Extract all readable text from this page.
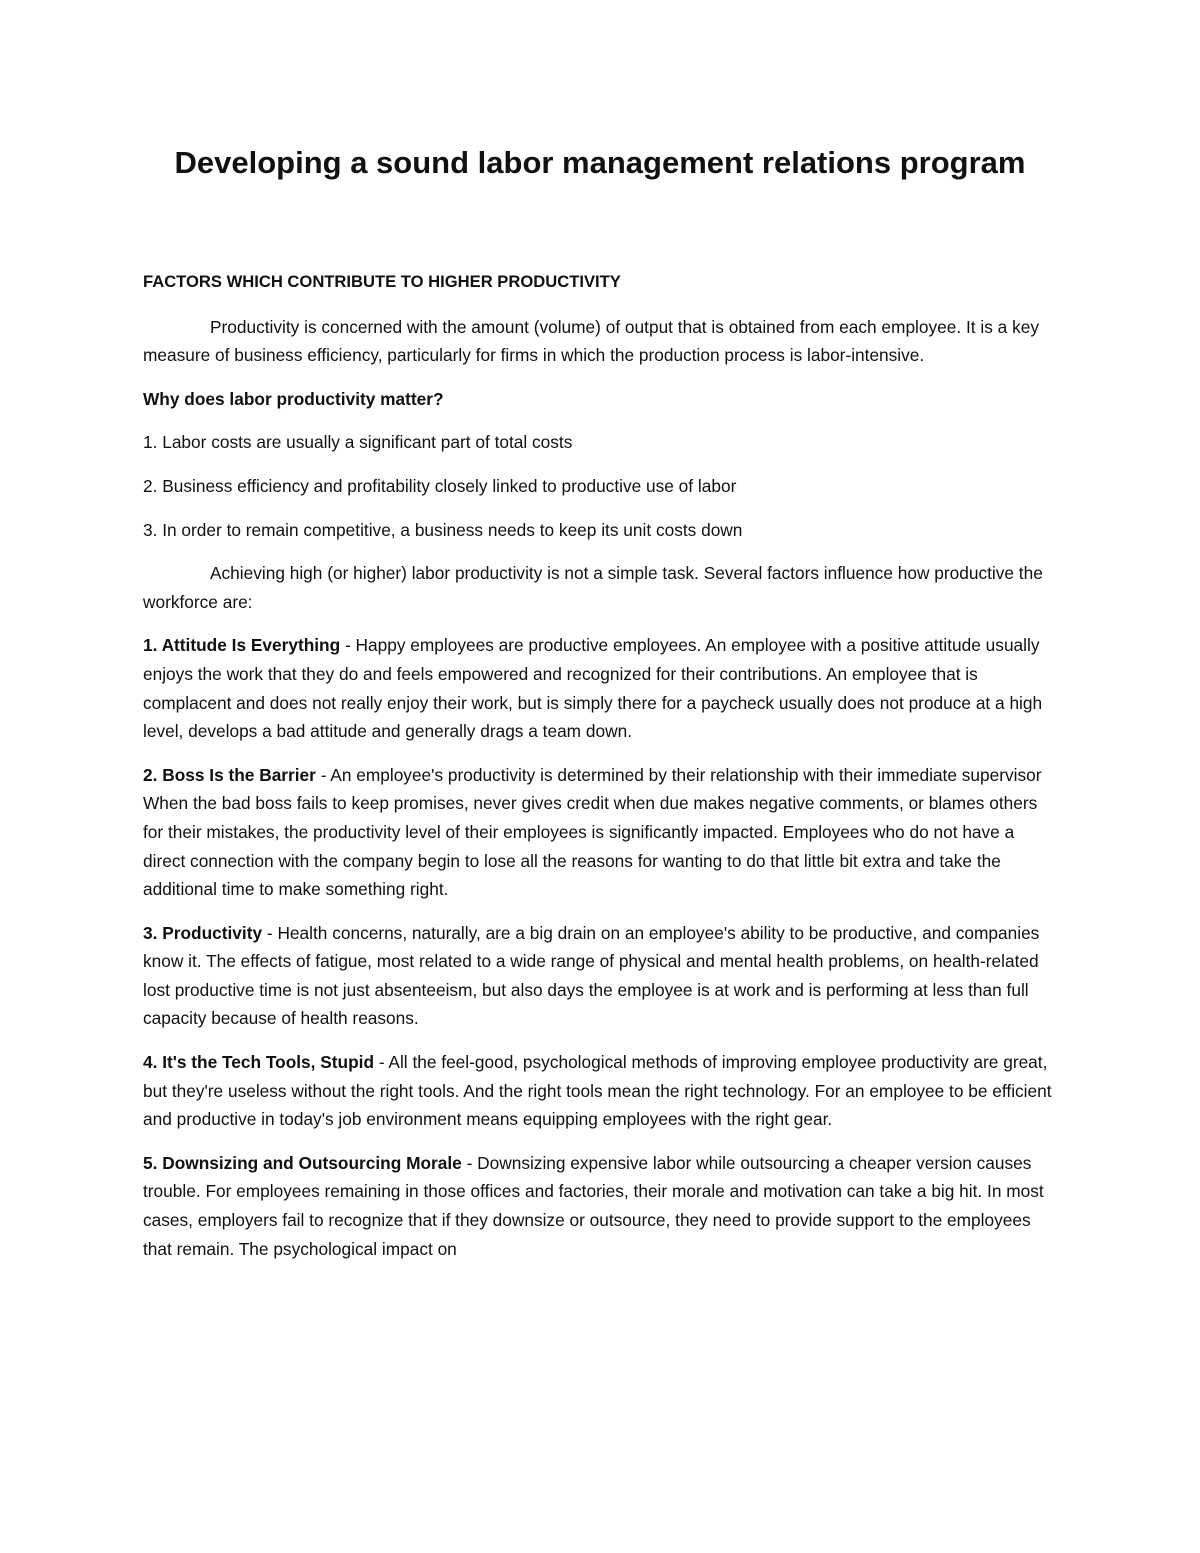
Developing a sound labor management relations program
FACTORS WHICH CONTRIBUTE TO HIGHER PRODUCTIVITY

Productivity is concerned with the amount (volume) of output that is obtained from each employee. It is a key measure of business efficiency, particularly for firms in which the production process is labor-intensive.

Why does labor productivity matter?

1. Labor costs are usually a significant part of total costs

2. Business efficiency and profitability closely linked to productive use of labor

3. In order to remain competitive, a business needs to keep its unit costs down

Achieving high (or higher) labor productivity is not a simple task. Several factors influence how productive the workforce are:

1. Attitude Is Everything - Happy employees are productive employees. An employee with a positive attitude usually enjoys the work that they do and feels empowered and recognized for their contributions. An employee that is complacent and does not really enjoy their work, but is simply there for a paycheck usually does not produce at a high level, develops a bad attitude and generally drags a team down.

2. Boss Is the Barrier - An employee's productivity is determined by their relationship with their immediate supervisor When the bad boss fails to keep promises, never gives credit when due makes negative comments, or blames others for their mistakes, the productivity level of their employees is significantly impacted. Employees who do not have a direct connection with the company begin to lose all the reasons for wanting to do that little bit extra and take the additional time to make something right.

3. Productivity - Health concerns, naturally, are a big drain on an employee's ability to be productive, and companies know it. The effects of fatigue, most related to a wide range of physical and mental health problems, on health-related lost productive time is not just absenteeism, but also days the employee is at work and is performing at less than full capacity because of health reasons.

4. It's the Tech Tools, Stupid - All the feel-good, psychological methods of improving employee productivity are great, but they're useless without the right tools. And the right tools mean the right technology. For an employee to be efficient and productive in today's job environment means equipping employees with the right gear.

5. Downsizing and Outsourcing Morale - Downsizing expensive labor while outsourcing a cheaper version causes trouble. For employees remaining in those offices and factories, their morale and motivation can take a big hit. In most cases, employers fail to recognize that if they downsize or outsource, they need to provide support to the employees that remain. The psychological impact on
